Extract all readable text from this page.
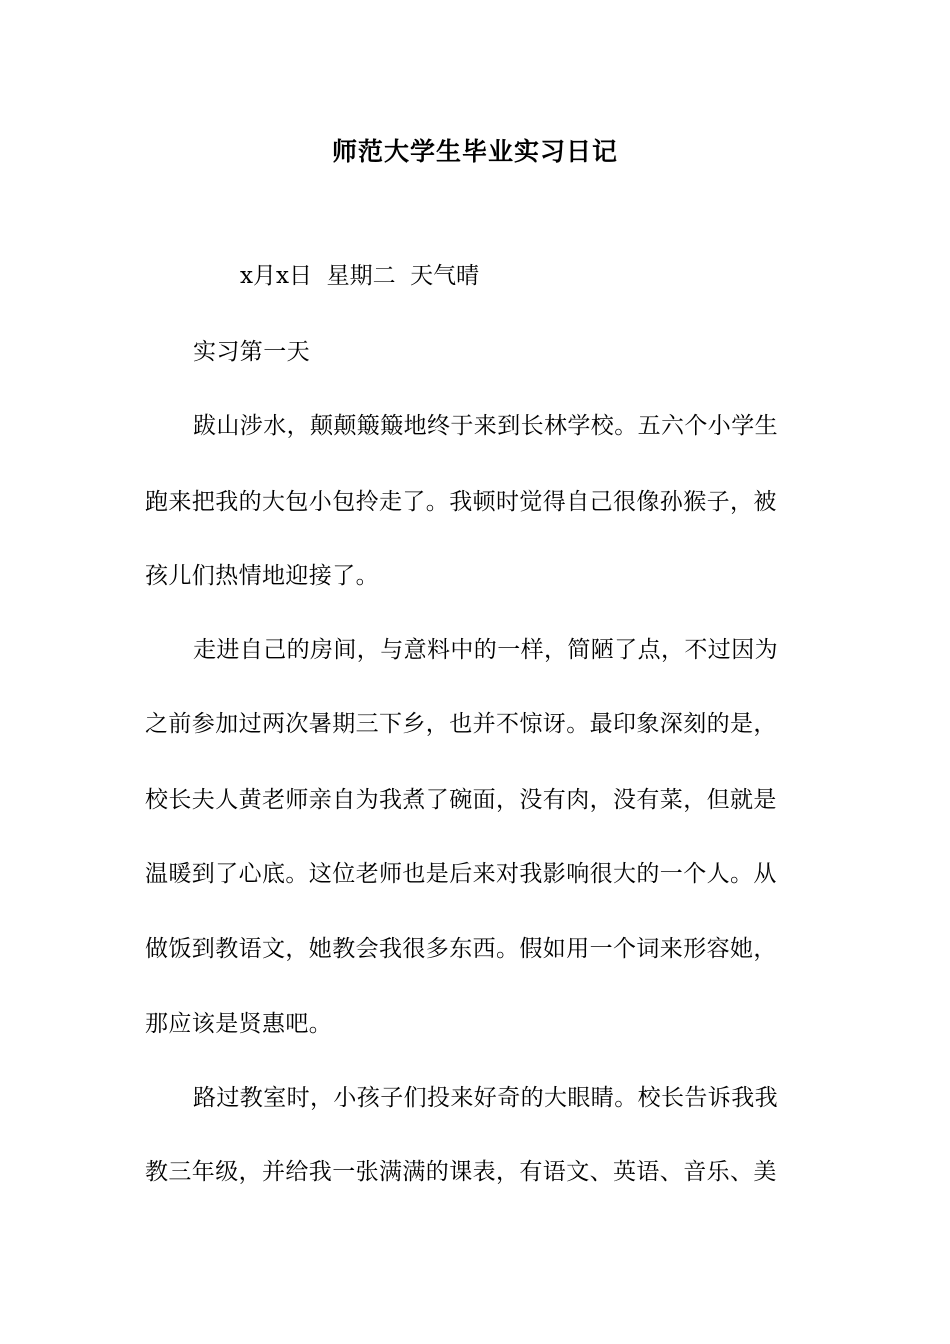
师范大学生毕业实习日记
x月x日  星期二  天气晴
实习第一天
跋山涉水，颠颠簸簸地终于来到长林学校。五六个小学生
跑来把我的大包小包拎走了。我顿时觉得自己很像孙猴子，被
孩儿们热情地迎接了。
走进自己的房间，与意料中的一样，简陋了点，不过因为
之前参加过两次暑期三下乡，也并不惊讶。最印象深刻的是，
校长夫人黄老师亲自为我煮了碗面，没有肉，没有菜，但就是
温暖到了心底。这位老师也是后来对我影响很大的一个人。从
做饭到教语文，她教会我很多东西。假如用一个词来形容她，
那应该是贤惠吧。
路过教室时，小孩子们投来好奇的大眼睛。校长告诉我我
教三年级，并给我一张满满的课表，有语文、英语、音乐、美
